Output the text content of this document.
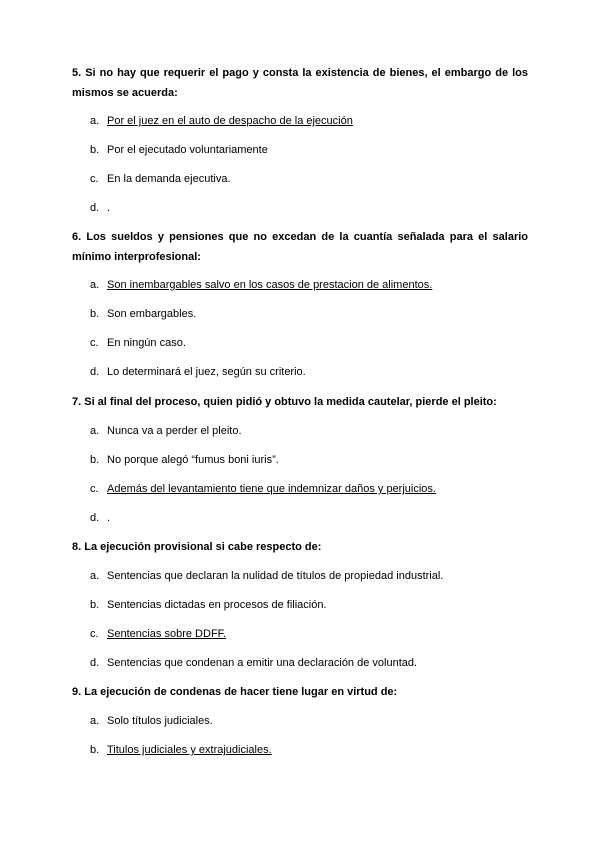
5. Si no hay que requerir el pago y consta la existencia de bienes, el embargo de los mismos se acuerda:
a. Por el juez en el auto de despacho de la ejecución
b. Por el ejecutado voluntariamente
c. En la demanda ejecutiva.
d. .
6. Los sueldos y pensiones que no excedan de la cuantía señalada para el salario mínimo interprofesional:
a. Son inembargables salvo en los casos de prestacion de alimentos.
b. Son embargables.
c. En ningún caso.
d. Lo determinará el juez, según su criterio.
7. Si al final del proceso, quien pidió y obtuvo la medida cautelar, pierde el pleito:
a. Nunca va a perder el pleito.
b. No porque alegó “fumus boni iuris”.
c. Además del levantamiento tiene que indemnizar daños y perjuicios.
d. .
8. La ejecución provisional si cabe respecto de:
a. Sentencias que declaran la nulidad de títulos de propiedad industrial.
b. Sentencias dictadas en procesos de filiación.
c. Sentencias sobre DDFF.
d. Sentencias que condenan a emitir una declaración de voluntad.
9. La ejecución de condenas de hacer tiene lugar en virtud de:
a. Solo títulos judiciales.
b. Titulos judiciales y extrajudiciales.
